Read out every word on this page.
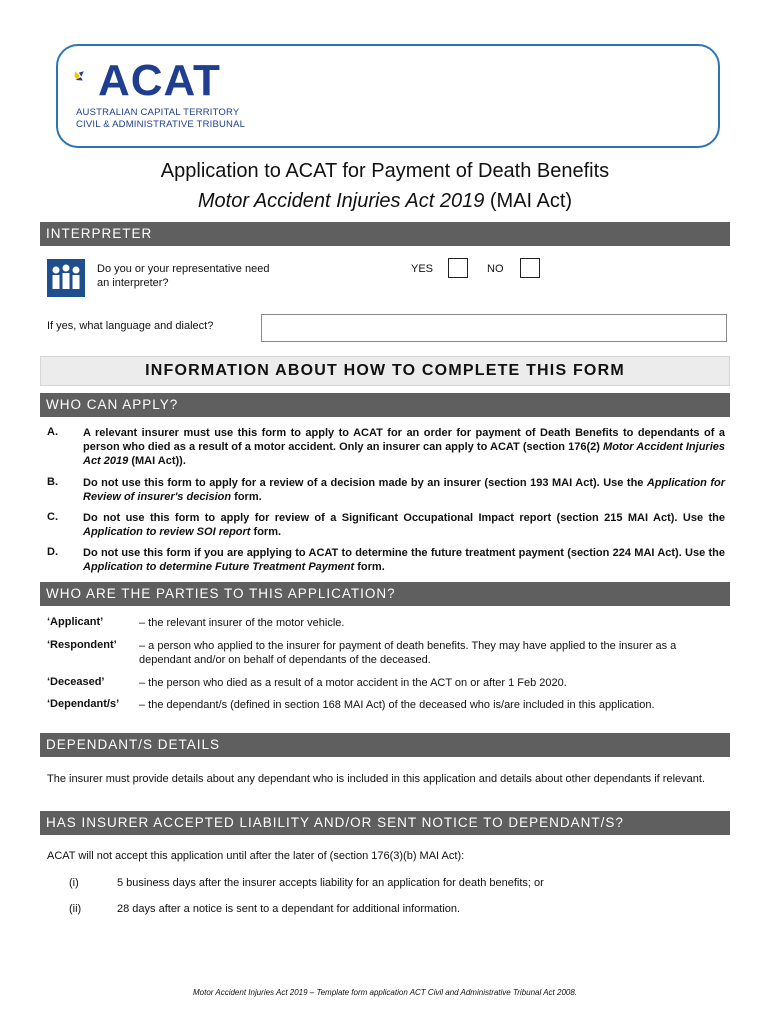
ACAT
AUSTRALIAN CAPITAL TERRITORY
CIVIL & ADMINISTRATIVE TRIBUNAL
Application to ACAT for Payment of Death Benefits
Motor Accident Injuries Act 2019 (MAI Act)
INTERPRETER
Do you or your representative need
an interpreter?
YES	NO
If yes, what language and dialect?
INFORMATION ABOUT HOW TO COMPLETE THIS FORM
WHO CAN APPLY?
A. A relevant insurer must use this form to apply to ACAT for an order for payment of Death Benefits to dependants of a person who died as a result of a motor accident. Only an insurer can apply to ACAT (section 176(2) Motor Accident Injuries Act 2019 (MAI Act)).
B. Do not use this form to apply for a review of a decision made by an insurer (section 193 MAI Act). Use the Application for Review of insurer's decision form.
C. Do not use this form to apply for review of a Significant Occupational Impact report (section 215 MAI Act). Use the Application to review SOI report form.
D. Do not use this form if you are applying to ACAT to determine the future treatment payment (section 224 MAI Act). Use the Application to determine Future Treatment Payment form.
WHO ARE THE PARTIES TO THIS APPLICATION?
‘Applicant’	– the relevant insurer of the motor vehicle.
‘Respondent’ – a person who applied to the insurer for payment of death benefits. They may have applied to the insurer as a dependant and/or on behalf of dependants of the deceased.
‘Deceased’	– the person who died as a result of a motor accident in the ACT on or after 1 Feb 2020.
‘Dependant/s’ – the dependant/s (defined in section 168 MAI Act) of the deceased who is/are included in this application.
DEPENDANT/S DETAILS
The insurer must provide details about any dependant who is included in this application and details about other dependants if relevant.
HAS INSURER ACCEPTED LIABILITY AND/OR SENT NOTICE TO DEPENDANT/S?
ACAT will not accept this application until after the later of (section 176(3)(b) MAI Act):
(i)	5 business days after the insurer accepts liability for an application for death benefits; or
(ii)	28 days after a notice is sent to a dependant for additional information.
Motor Accident Injuries Act 2019 – Template form application ACT Civil and Administrative Tribunal Act 2008.
